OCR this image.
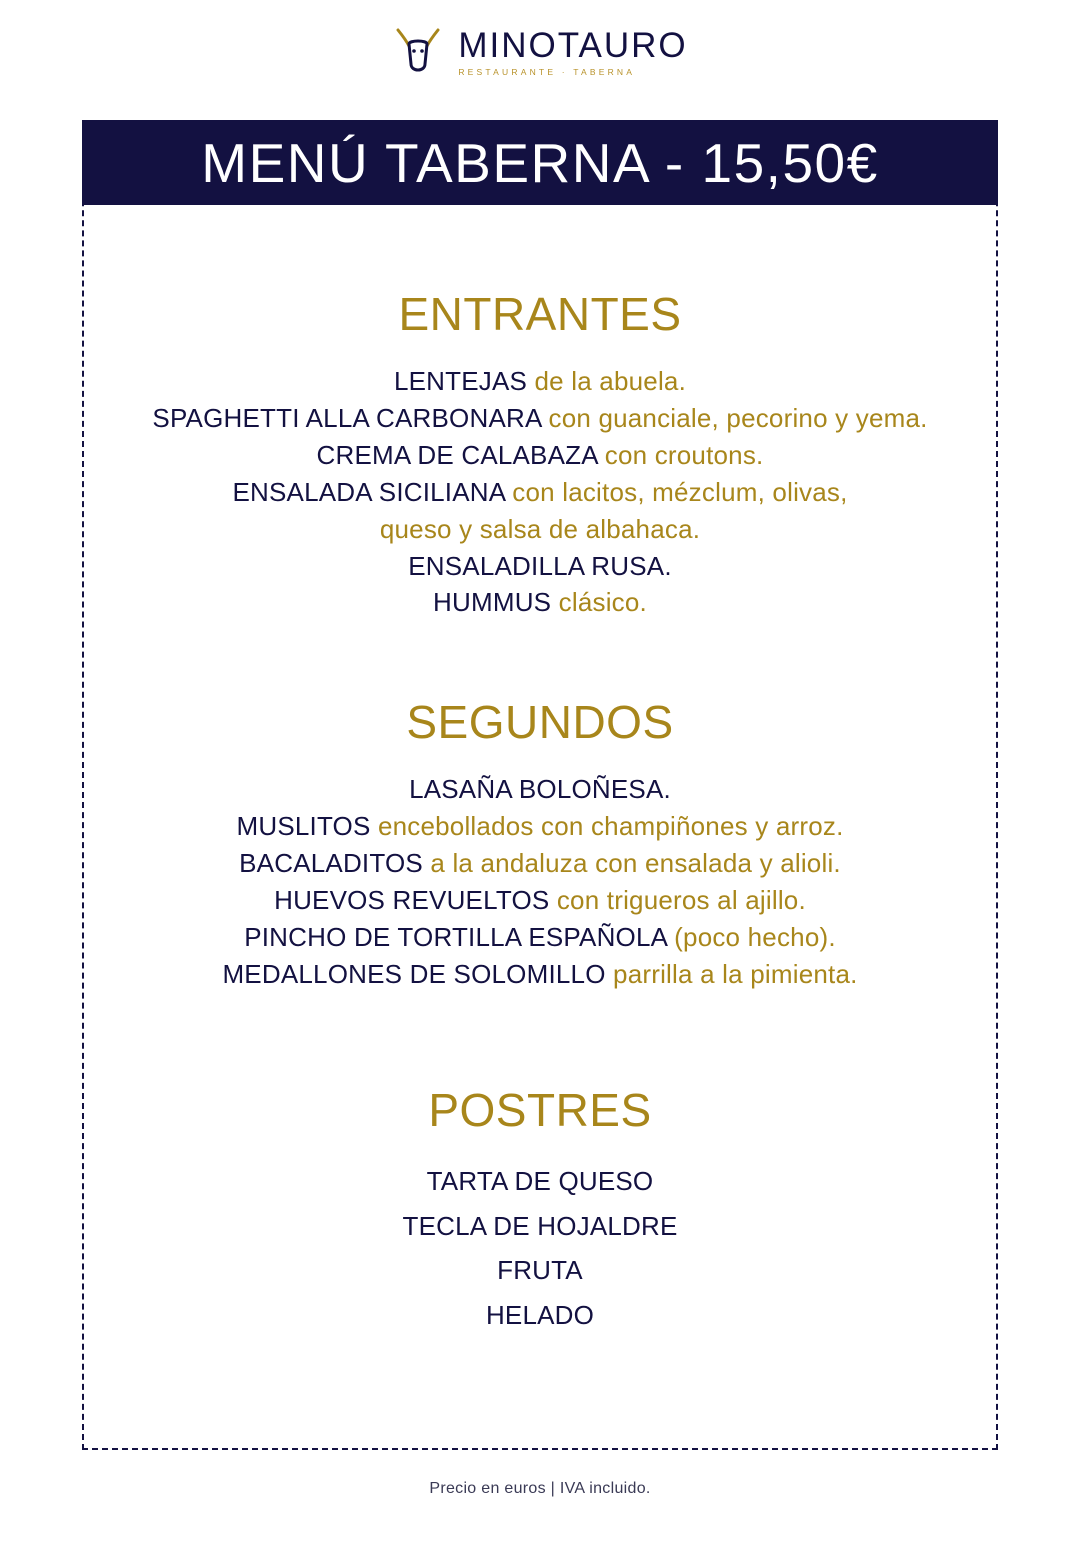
MINOTAURO
RESTAURANTE · TABERNA
MENÚ TABERNA - 15,50€
ENTRANTES
LENTEJAS de la abuela.
SPAGHETTI ALLA CARBONARA con guanciale, pecorino y yema.
CREMA DE CALABAZA con croutons.
ENSALADA SICILIANA con lacitos, mézclum, olivas,
queso y salsa de albahaca.
ENSALADILLA RUSA.
HUMMUS clásico.
SEGUNDOS
LASAÑA BOLOÑESA.
MUSLITOS encebollados con champiñones y arroz.
BACALADITOS a la andaluza con ensalada y alioli.
HUEVOS REVUELTOS con trigueros al ajillo.
PINCHO DE TORTILLA ESPAÑOLA (poco hecho).
MEDALLONES DE SOLOMILLO parrilla a la pimienta.
POSTRES
TARTA DE QUESO
TECLA DE HOJALDRE
FRUTA
HELADO
Precio en euros | IVA incluido.
